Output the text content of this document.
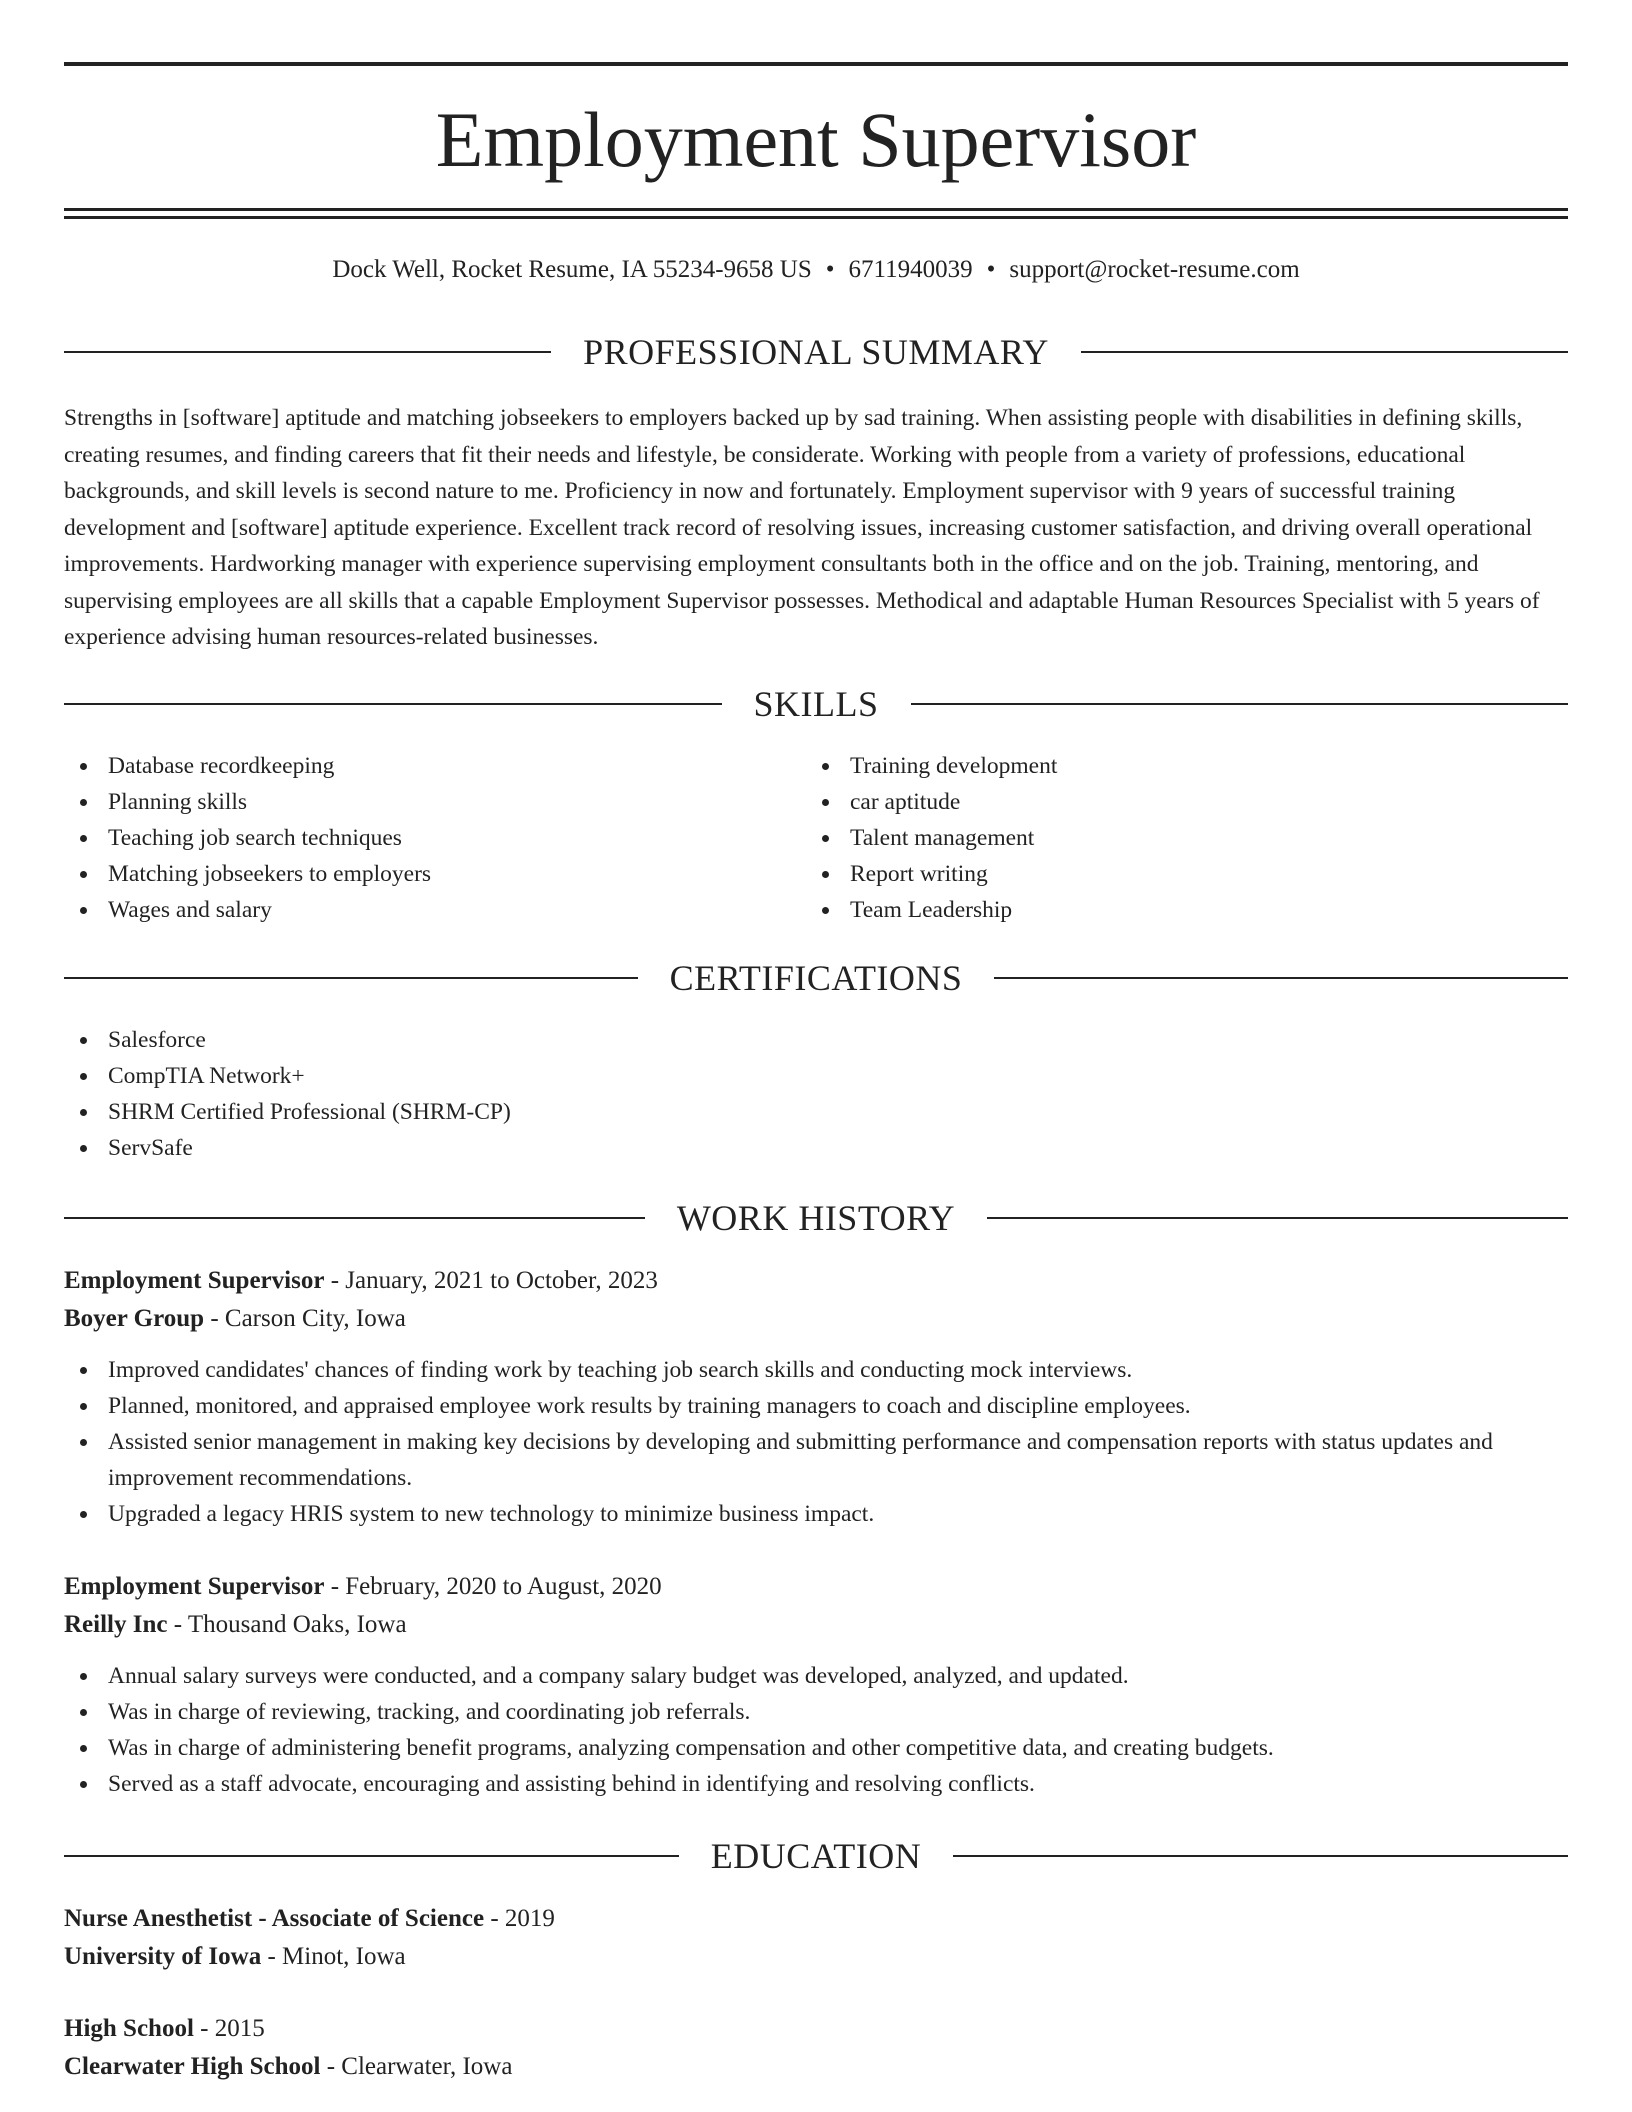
Employment Supervisor
Dock Well, Rocket Resume, IA 55234-9658 US • 6711940039 • support@rocket-resume.com
PROFESSIONAL SUMMARY

Strengths in [software] aptitude and matching jobseekers to employers backed up by sad training. When assisting people with disabilities in defining skills, creating resumes, and finding careers that fit their needs and lifestyle, be considerate. Working with people from a variety of professions, educational backgrounds, and skill levels is second nature to me. Proficiency in now and fortunately. Employment supervisor with 9 years of successful training development and [software] aptitude experience. Excellent track record of resolving issues, increasing customer satisfaction, and driving overall operational improvements. Hardworking manager with experience supervising employment consultants both in the office and on the job. Training, mentoring, and supervising employees are all skills that a capable Employment Supervisor possesses. Methodical and adaptable Human Resources Specialist with 5 years of experience advising human resources-related businesses.

SKILLS
Database recordkeeping
Planning skills
Teaching job search techniques
Matching jobseekers to employers
Wages and salary
Training development
car aptitude
Talent management
Report writing
Team Leadership
CERTIFICATIONS
Salesforce
CompTIA Network+
SHRM Certified Professional (SHRM-CP)
ServSafe
WORK HISTORY
Employment Supervisor - January, 2021 to October, 2023
Boyer Group - Carson City, Iowa
Improved candidates' chances of finding work by teaching job search skills and conducting mock interviews.
Planned, monitored, and appraised employee work results by training managers to coach and discipline employees.
Assisted senior management in making key decisions by developing and submitting performance and compensation reports with status updates and improvement recommendations.
Upgraded a legacy HRIS system to new technology to minimize business impact.
Employment Supervisor - February, 2020 to August, 2020
Reilly Inc - Thousand Oaks, Iowa
Annual salary surveys were conducted, and a company salary budget was developed, analyzed, and updated.
Was in charge of reviewing, tracking, and coordinating job referrals.
Was in charge of administering benefit programs, analyzing compensation and other competitive data, and creating budgets.
Served as a staff advocate, encouraging and assisting behind in identifying and resolving conflicts.
EDUCATION
Nurse Anesthetist - Associate of Science - 2019
University of Iowa - Minot, Iowa
High School - 2015
Clearwater High School - Clearwater, Iowa
